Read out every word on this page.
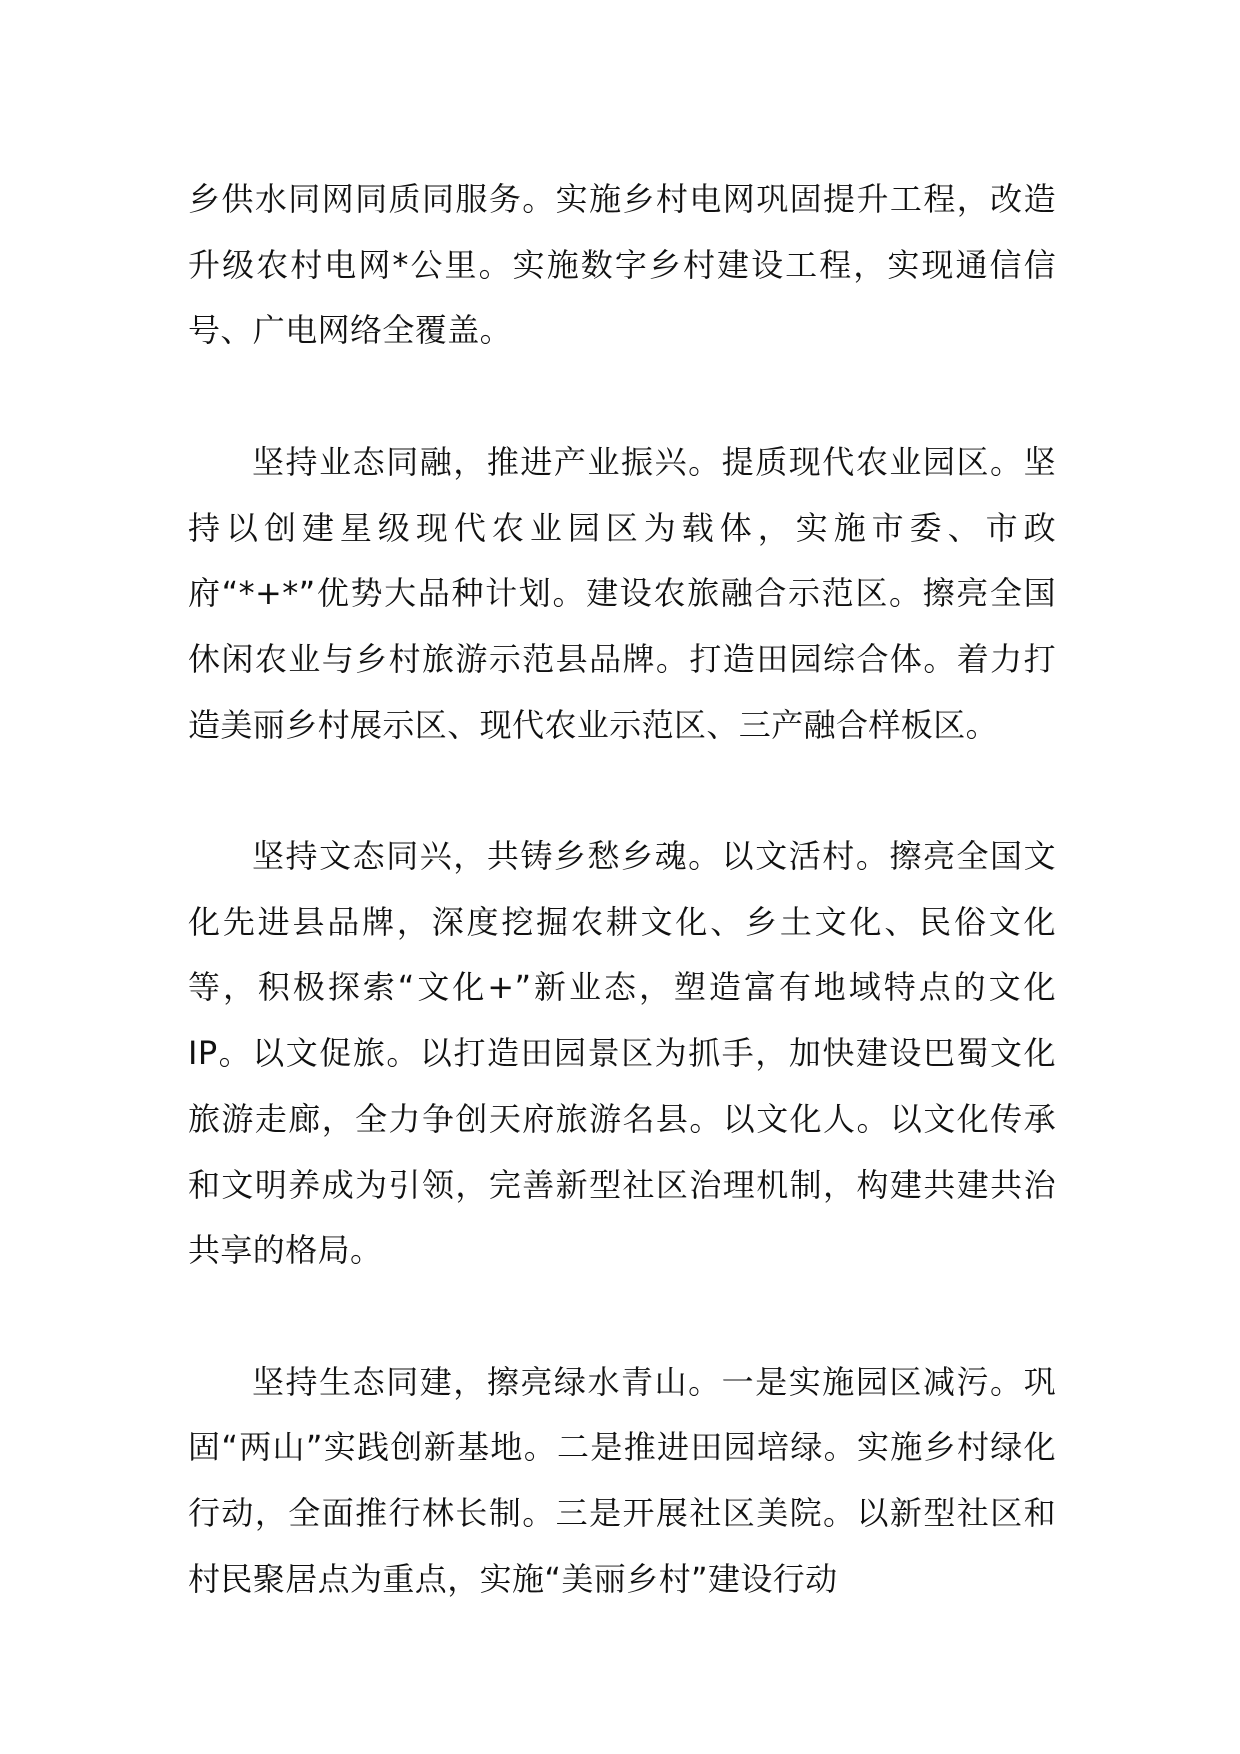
乡供水同网同质同服务。实施乡村电网巩固提升工程，改造升级农村电网*公里。实施数字乡村建设工程，实现通信信号、广电网络全覆盖。

坚持业态同融，推进产业振兴。提质现代农业园区。坚持以创建星级现代农业园区为载体，实施市委、市政府“*+*”优势大品种计划。建设农旅融合示范区。擦亮全国休闲农业与乡村旅游示范县品牌。打造田园综合体。着力打造美丽乡村展示区、现代农业示范区、三产融合样板区。

坚持文态同兴，共铸乡愁乡魂。以文活村。擦亮全国文化先进县品牌，深度挖掘农耕文化、乡土文化、民俗文化等，积极探索“文化+”新业态，塑造富有地域特点的文化IP。以文促旅。以打造田园景区为抓手，加快建设巴蜀文化旅游走廊，全力争创天府旅游名县。以文化人。以文化传承和文明养成为引领，完善新型社区治理机制，构建共建共治共享的格局。

坚持生态同建，擦亮绿水青山。一是实施园区减污。巩固“两山”实践创新基地。二是推进田园培绿。实施乡村绿化行动，全面推行林长制。三是开展社区美院。以新型社区和村民聚居点为重点，实施“美丽乡村”建设行动
